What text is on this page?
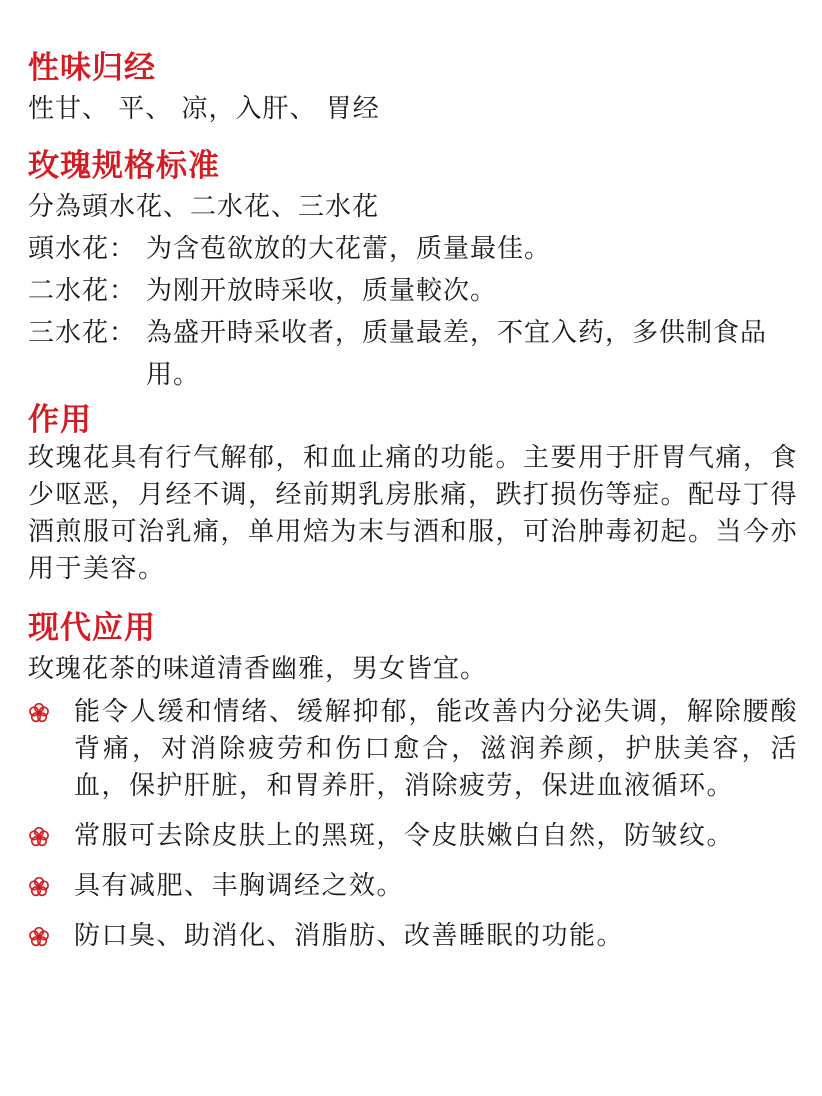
性味归经

性甘、 平、 凉，入肝、 胃经

玫瑰规格标准

分為頭水花、二水花、三水花

頭水花： 为含苞欲放的大花蕾，质量最佳。
二水花： 为刚开放時采收，质量較次。
三水花： 為盛开時采收者，质量最差，不宜入药，多供制食品用。
作用

玫瑰花具有行气解郁，和血止痛的功能。主要用于肝胃气痛，食少呕恶，月经不调，经前期乳房胀痛，跌打损伤等症。配母丁得酒煎服可治乳痛，单用焙为末与酒和服，可治肿毒初起。当今亦用于美容。

现代应用

玫瑰花茶的味道清香幽雅，男女皆宜。

能令人缓和情绪、缓解抑郁，能改善内分泌失调，解除腰酸背痛，对消除疲劳和伤口愈合，滋润养颜，护肤美容，活血，保护肝脏，和胃养肝，消除疲劳，保进血液循环。
常服可去除皮肤上的黑斑，令皮肤嫩白自然，防皱纹。
具有减肥、丰胸调经之效。
防口臭、助消化、消脂肪、改善睡眠的功能。
